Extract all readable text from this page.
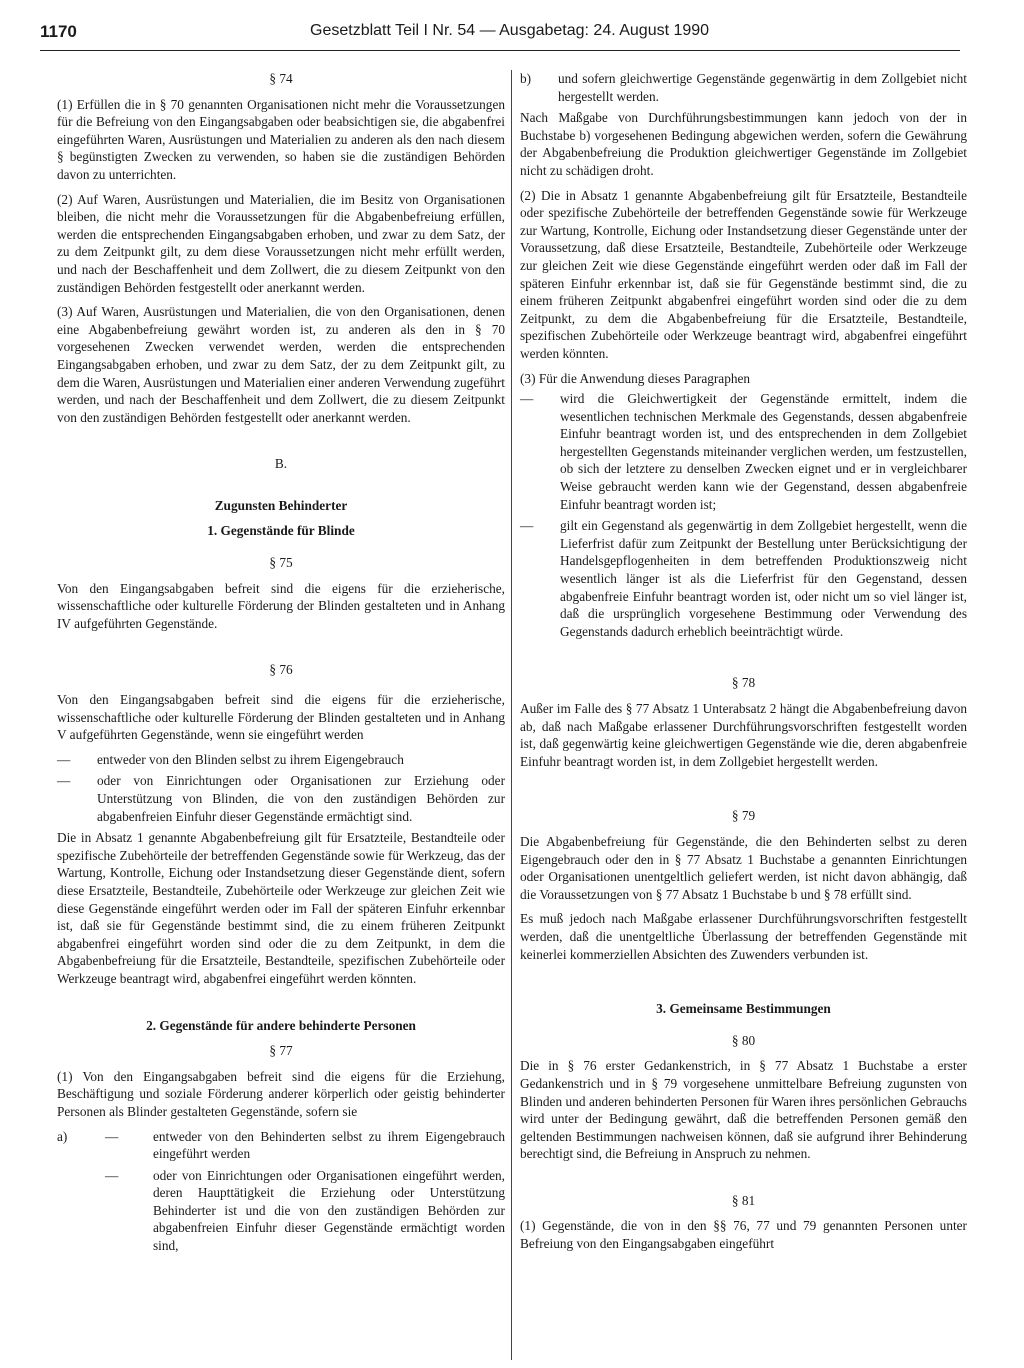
1170	Gesetzblatt Teil I Nr. 54 — Ausgabetag: 24. August 1990
§ 74

(1) Erfüllen die in § 70 genannten Organisationen nicht mehr die Voraussetzungen für die Befreiung von den Eingangsabgaben oder beabsichtigen sie, die abgabenfrei eingeführten Waren, Ausrüstungen und Materialien zu anderen als den nach diesem § begünstigten Zwecken zu verwenden, so haben sie die zuständigen Behörden davon zu unterrichten.

(2) Auf Waren, Ausrüstungen und Materialien, die im Besitz von Organisationen bleiben, die nicht mehr die Voraussetzungen für die Abgabenbefreiung erfüllen, werden die entsprechenden Eingangsabgaben erhoben, und zwar zu dem Satz, der zu dem Zeitpunkt gilt, zu dem diese Voraussetzungen nicht mehr erfüllt werden, und nach der Beschaffenheit und dem Zollwert, die zu diesem Zeitpunkt von den zuständigen Behörden festgestellt oder anerkannt werden.

(3) Auf Waren, Ausrüstungen und Materialien, die von den Organisationen, denen eine Abgabenbefreiung gewährt worden ist, zu anderen als den in § 70 vorgesehenen Zwecken verwendet werden, werden die entsprechenden Eingangsabgaben erhoben, und zwar zu dem Satz, der zu dem Zeitpunkt gilt, zu dem die Waren, Ausrüstungen und Materialien einer anderen Verwendung zugeführt werden, und nach der Beschaffenheit und dem Zollwert, die zu diesem Zeitpunkt von den zuständigen Behörden festgestellt oder anerkannt werden.

B.
Zugunsten Behinderter
1. Gegenstände für Blinde
§ 75

Von den Eingangsabgaben befreit sind die eigens für die erzieherische, wissenschaftliche oder kulturelle Förderung der Blinden gestalteten und in Anhang IV aufgeführten Gegenstände.

§ 76

Von den Eingangsabgaben befreit sind die eigens für die erzieherische, wissenschaftliche oder kulturelle Förderung der Blinden gestalteten und in Anhang V aufgeführten Gegenstände, wenn sie eingeführt werden

— entweder von den Blinden selbst zu ihrem Eigengebrauch

— oder von Einrichtungen oder Organisationen zur Erziehung oder Unterstützung von Blinden, die von den zuständigen Behörden zur abgabenfreien Einfuhr dieser Gegenstände ermächtigt sind.

Die in Absatz 1 genannte Abgabenbefreiung gilt für Ersatzteile, Bestandteile oder spezifische Zubehörteile der betreffenden Gegenstände sowie für Werkzeug, das der Wartung, Kontrolle, Eichung oder Instandsetzung dieser Gegenstände dient, sofern diese Ersatzteile, Bestandteile, Zubehörteile oder Werkzeuge zur gleichen Zeit wie diese Gegenstände eingeführt werden oder im Fall der späteren Einfuhr erkennbar ist, daß sie für Gegenstände bestimmt sind, die zu einem früheren Zeitpunkt abgabenfrei eingeführt worden sind oder die zu dem Zeitpunkt, in dem die Abgabenbefreiung für die Ersatzteile, Bestandteile, spezifischen Zubehörteile oder Werkzeuge beantragt wird, abgabenfrei eingeführt werden könnten.

2. Gegenstände für andere behinderte Personen
§ 77

(1) Von den Eingangsabgaben befreit sind die eigens für die Erziehung, Beschäftigung und soziale Förderung anderer körperlich oder geistig behinderter Personen als Blinder gestalteten Gegenstände, sofern sie

a)	—	entweder von den Behinderten selbst zu ihrem Eigengebrauch eingeführt werden
—	oder von Einrichtungen oder Organisationen eingeführt werden, deren Haupttätigkeit die Erziehung oder Unterstützung Behinderter ist und die von den zuständigen Behörden zur abgabenfreien Einfuhr dieser Gegenstände ermächtigt worden sind,
b) und sofern gleichwertige Gegenstände gegenwärtig in dem Zollgebiet nicht hergestellt werden.

Nach Maßgabe von Durchführungsbestimmungen kann jedoch von der in Buchstabe b) vorgesehenen Bedingung abgewichen werden, sofern die Gewährung der Abgabenbefreiung die Produktion gleichwertiger Gegenstände im Zollgebiet nicht zu schädigen droht.

(2) Die in Absatz 1 genannte Abgabenbefreiung gilt für Ersatzteile, Bestandteile oder spezifische Zubehörteile der betreffenden Gegenstände sowie für Werkzeuge zur Wartung, Kontrolle, Eichung oder Instandsetzung dieser Gegenstände unter der Voraussetzung, daß diese Ersatzteile, Bestandteile, Zubehörteile oder Werkzeuge zur gleichen Zeit wie diese Gegenstände eingeführt werden oder daß im Fall der späteren Einfuhr erkennbar ist, daß sie für Gegenstände bestimmt sind, die zu einem früheren Zeitpunkt abgabenfrei eingeführt worden sind oder die zu dem Zeitpunkt, zu dem die Abgabenbefreiung für die Ersatzteile, Bestandteile, spezifischen Zubehörteile oder Werkzeuge beantragt wird, abgabenfrei eingeführt werden könnten.

(3) Für die Anwendung dieses Paragraphen

— wird die Gleichwertigkeit der Gegenstände ermittelt, indem die wesentlichen technischen Merkmale des Gegenstands, dessen abgabenfreie Einfuhr beantragt worden ist, und des entsprechenden in dem Zollgebiet hergestellten Gegenstands miteinander verglichen werden, um festzustellen, ob sich der letztere zu denselben Zwecken eignet und er in vergleichbarer Weise gebraucht werden kann wie der Gegenstand, dessen abgabenfreie Einfuhr beantragt worden ist;

— gilt ein Gegenstand als gegenwärtig in dem Zollgebiet hergestellt, wenn die Lieferfrist dafür zum Zeitpunkt der Bestellung unter Berücksichtigung der Handelsgepflogenheiten in dem betreffenden Produktionszweig nicht wesentlich länger ist als die Lieferfrist für den Gegenstand, dessen abgabenfreie Einfuhr beantragt worden ist, oder nicht um so viel länger ist, daß die ursprünglich vorgesehene Bestimmung oder Verwendung des Gegenstands dadurch erheblich beeinträchtigt würde.

§ 78

Außer im Falle des § 77 Absatz 1 Unterabsatz 2 hängt die Abgabenbefreiung davon ab, daß nach Maßgabe erlassener Durchführungsvorschriften festgestellt worden ist, daß gegenwärtig keine gleichwertigen Gegenstände wie die, deren abgabenfreie Einfuhr beantragt worden ist, in dem Zollgebiet hergestellt werden.

§ 79

Die Abgabenbefreiung für Gegenstände, die den Behinderten selbst zu deren Eigengebrauch oder den in § 77 Absatz 1 Buchstabe a genannten Einrichtungen oder Organisationen unentgeltlich geliefert werden, ist nicht davon abhängig, daß die Voraussetzungen von § 77 Absatz 1 Buchstabe b und § 78 erfüllt sind.

Es muß jedoch nach Maßgabe erlassener Durchführungsvorschriften festgestellt werden, daß die unentgeltliche Überlassung der betreffenden Gegenstände mit keinerlei kommerziellen Absichten des Zuwenders verbunden ist.

3. Gemeinsame Bestimmungen
§ 80

Die in § 76 erster Gedankenstrich, in § 77 Absatz 1 Buchstabe a erster Gedankenstrich und in § 79 vorgesehene unmittelbare Befreiung zugunsten von Blinden und anderen behinderten Personen für Waren ihres persönlichen Gebrauchs wird unter der Bedingung gewährt, daß die betreffenden Personen gemäß den geltenden Bestimmungen nachweisen können, daß sie aufgrund ihrer Behinderung berechtigt sind, die Befreiung in Anspruch zu nehmen.

§ 81

(1) Gegenstände, die von in den §§ 76, 77 und 79 genannten Personen unter Befreiung von den Eingangsabgaben eingeführt
